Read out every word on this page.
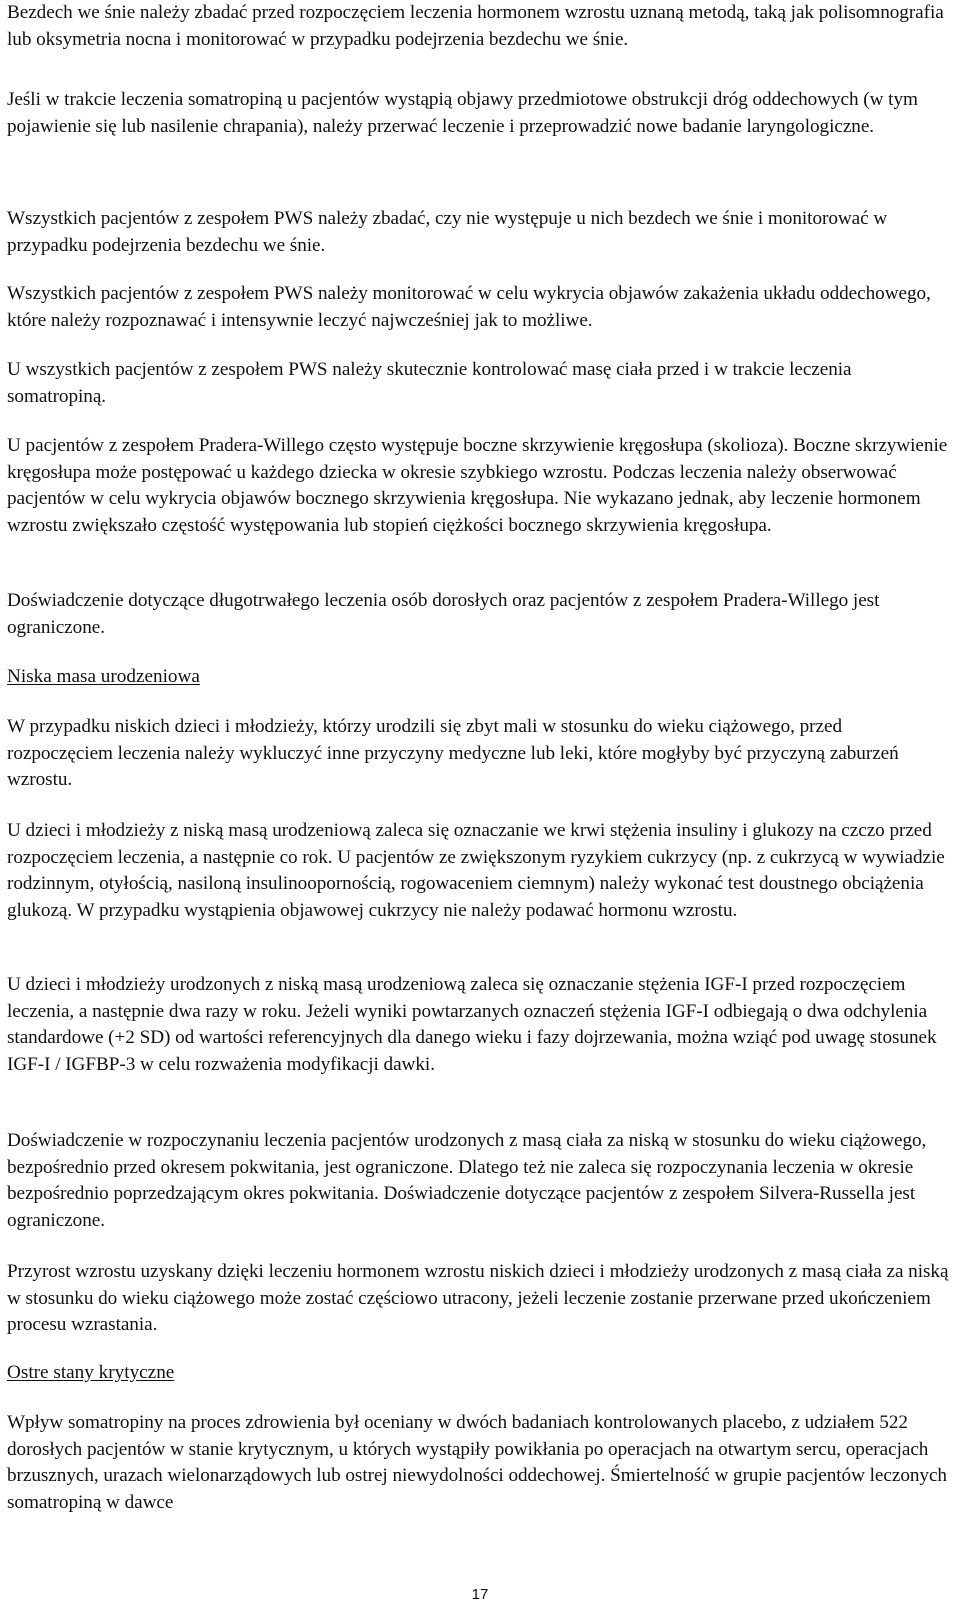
Bezdech we śnie należy zbadać przed rozpoczęciem leczenia hormonem wzrostu uznaną metodą, taką jak polisomnografia lub oksymetria nocna i monitorować w przypadku podejrzenia bezdechu we śnie.

Jeśli w trakcie leczenia somatropiną u pacjentów wystąpią objawy przedmiotowe obstrukcji dróg oddechowych (w tym pojawienie się lub nasilenie chrapania), należy przerwać leczenie i przeprowadzić nowe badanie laryngologiczne.

Wszystkich pacjentów z zespołem PWS należy zbadać, czy nie występuje u nich bezdech we śnie i monitorować w przypadku podejrzenia bezdechu we śnie.

Wszystkich pacjentów z zespołem PWS należy monitorować w celu wykrycia objawów zakażenia układu oddechowego, które należy rozpoznawać i intensywnie leczyć najwcześniej jak to możliwe.

U wszystkich pacjentów z zespołem PWS należy skutecznie kontrolować masę ciała przed i w trakcie leczenia somatropiną.

U pacjentów z zespołem Pradera-Willego często występuje boczne skrzywienie kręgosłupa (skolioza). Boczne skrzywienie kręgosłupa może postępować u każdego dziecka w okresie szybkiego wzrostu. Podczas leczenia należy obserwować pacjentów w celu wykrycia objawów bocznego skrzywienia kręgosłupa. Nie wykazano jednak, aby leczenie hormonem wzrostu zwiększało częstość występowania lub stopień ciężkości bocznego skrzywienia kręgosłupa.

Doświadczenie dotyczące długotrwałego leczenia osób dorosłych oraz pacjentów z zespołem Pradera-Willego jest ograniczone.

Niska masa urodzeniowa

W przypadku niskich dzieci i młodzieży, którzy urodzili się zbyt mali w stosunku do wieku ciążowego, przed rozpoczęciem leczenia należy wykluczyć inne przyczyny medyczne lub leki, które mogłyby być przyczyną zaburzeń wzrostu.

U dzieci i młodzieży z niską masą urodzeniową zaleca się oznaczanie we krwi stężenia insuliny i glukozy na czczo przed rozpoczęciem leczenia, a następnie co rok. U pacjentów ze zwiększonym ryzykiem cukrzycy (np. z cukrzycą w wywiadzie rodzinnym, otyłością, nasiloną insulinoopornością, rogowaceniem ciemnym) należy wykonać test doustnego obciążenia glukozą. W przypadku wystąpienia objawowej cukrzycy nie należy podawać hormonu wzrostu.

U dzieci i młodzieży urodzonych z niską masą urodzeniową zaleca się oznaczanie stężenia IGF-I przed rozpoczęciem leczenia, a następnie dwa razy w roku. Jeżeli wyniki powtarzanych oznaczeń stężenia IGF-I odbiegają o dwa odchylenia standardowe (+2 SD) od wartości referencyjnych dla danego wieku i fazy dojrzewania, można wziąć pod uwagę stosunek IGF-I / IGFBP-3 w celu rozważenia modyfikacji dawki.

Doświadczenie w rozpoczynaniu leczenia pacjentów urodzonych z masą ciała za niską w stosunku do wieku ciążowego, bezpośrednio przed okresem pokwitania, jest ograniczone. Dlatego też nie zaleca się rozpoczynania leczenia w okresie bezpośrednio poprzedzającym okres pokwitania. Doświadczenie dotyczące pacjentów z zespołem Silvera-Russella jest ograniczone.

Przyrost wzrostu uzyskany dzięki leczeniu hormonem wzrostu niskich dzieci i młodzieży urodzonych z masą ciała za niską w stosunku do wieku ciążowego może zostać częściowo utracony, jeżeli leczenie zostanie przerwane przed ukończeniem procesu wzrastania.

Ostre stany krytyczne

Wpływ somatropiny na proces zdrowienia był oceniany w dwóch badaniach kontrolowanych placebo, z udziałem 522 dorosłych pacjentów w stanie krytycznym, u których wystąpiły powikłania po operacjach na otwartym sercu, operacjach brzusznych, urazach wielonarządowych lub ostrej niewydolności oddechowej. Śmiertelność w grupie pacjentów leczonych somatropiną w dawce

17
